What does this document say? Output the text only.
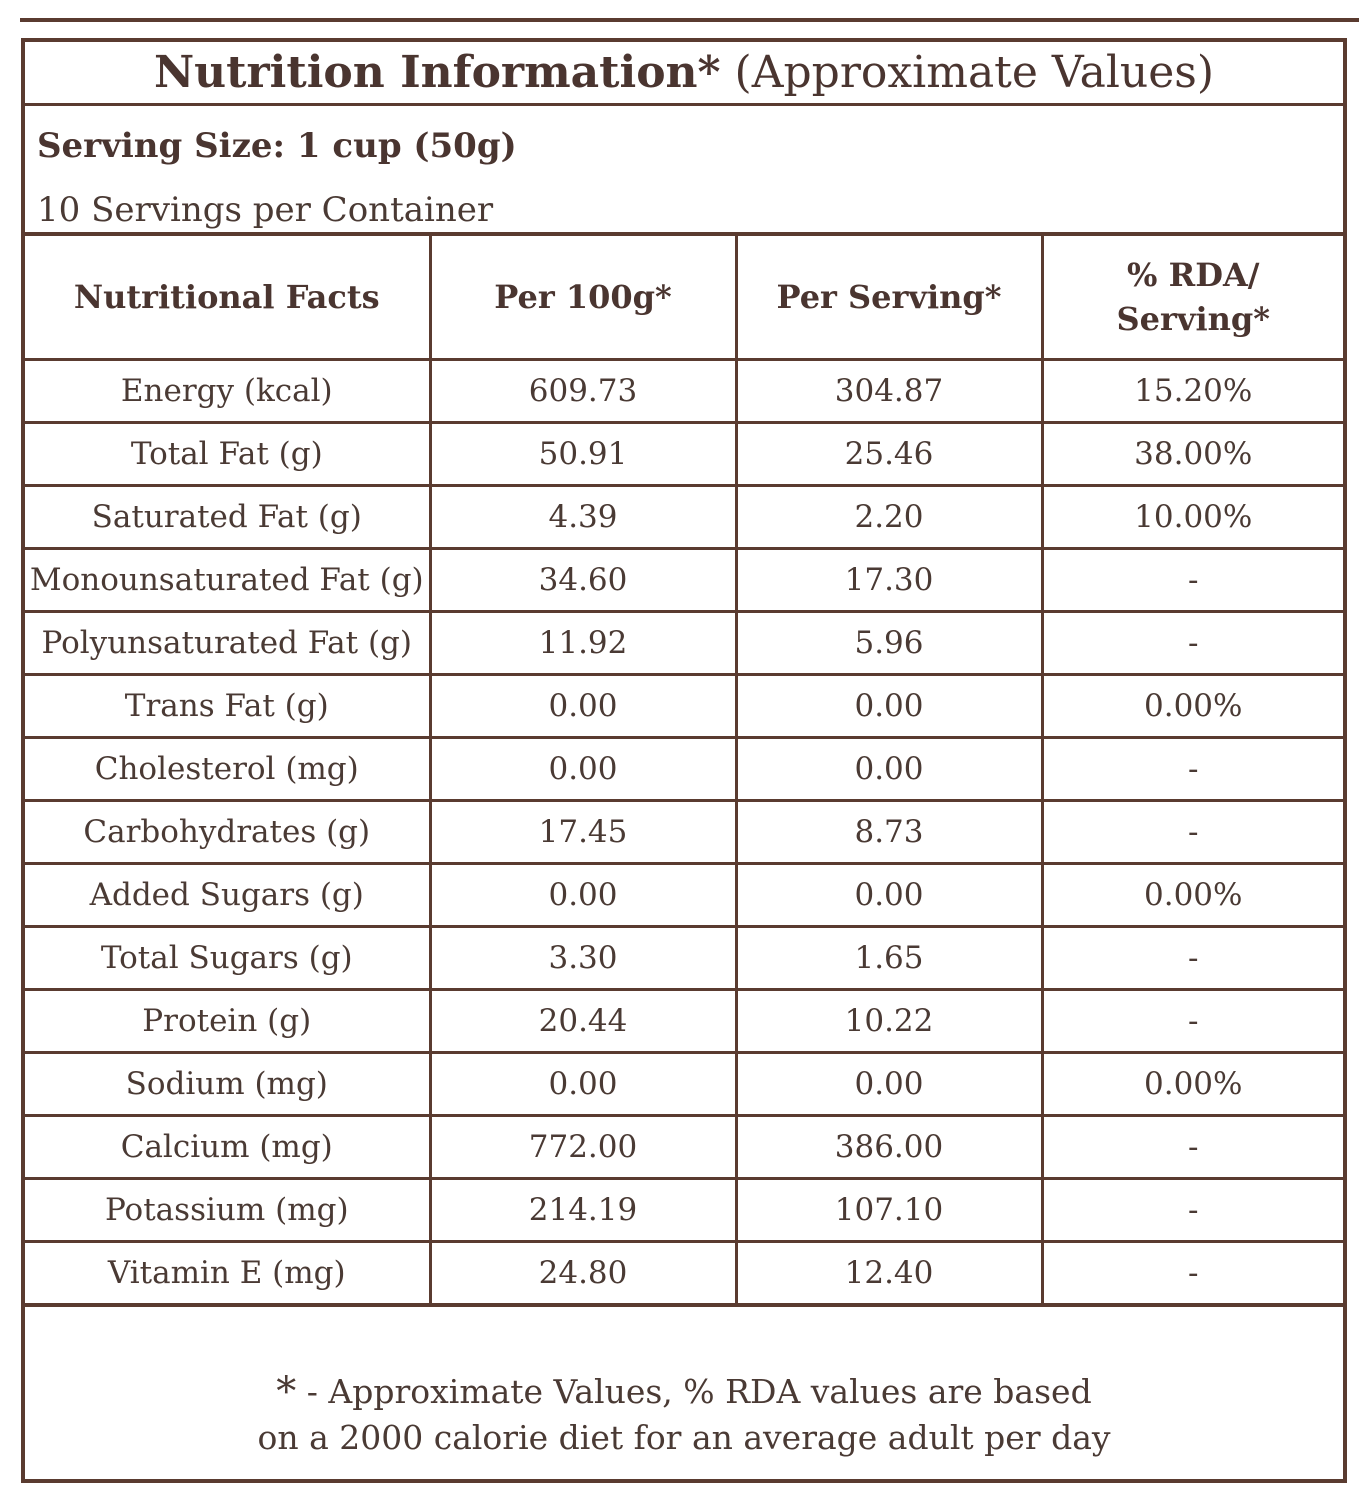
Nutrition Information* (Approximate Values)
Serving Size: 1 cup (50g)
10 Servings per Container
Nutritional Facts	Per 100g*	Per Serving*	% RDA/ Serving*
Energy (kcal)	609.73	304.87	15.20%
Total Fat (g)	50.91	25.46	38.00%
Saturated Fat (g)	4.39	2.20	10.00%
Monounsaturated Fat (g)	34.60	17.30	-
Polyunsaturated Fat (g)	11.92	5.96	-
Trans Fat (g)	0.00	0.00	0.00%
Cholesterol (mg)	0.00	0.00	-
Carbohydrates (g)	17.45	8.73	-
Added Sugars (g)	0.00	0.00	0.00%
Total Sugars (g)	3.30	1.65	-
Protein (g)	20.44	10.22	-
Sodium (mg)	0.00	0.00	0.00%
Calcium (mg)	772.00	386.00	-
Potassium (mg)	214.19	107.10	-
Vitamin E (mg)	24.80	12.40	-
* - Approximate Values, % RDA values are based
on a 2000 calorie diet for an average adult per day
